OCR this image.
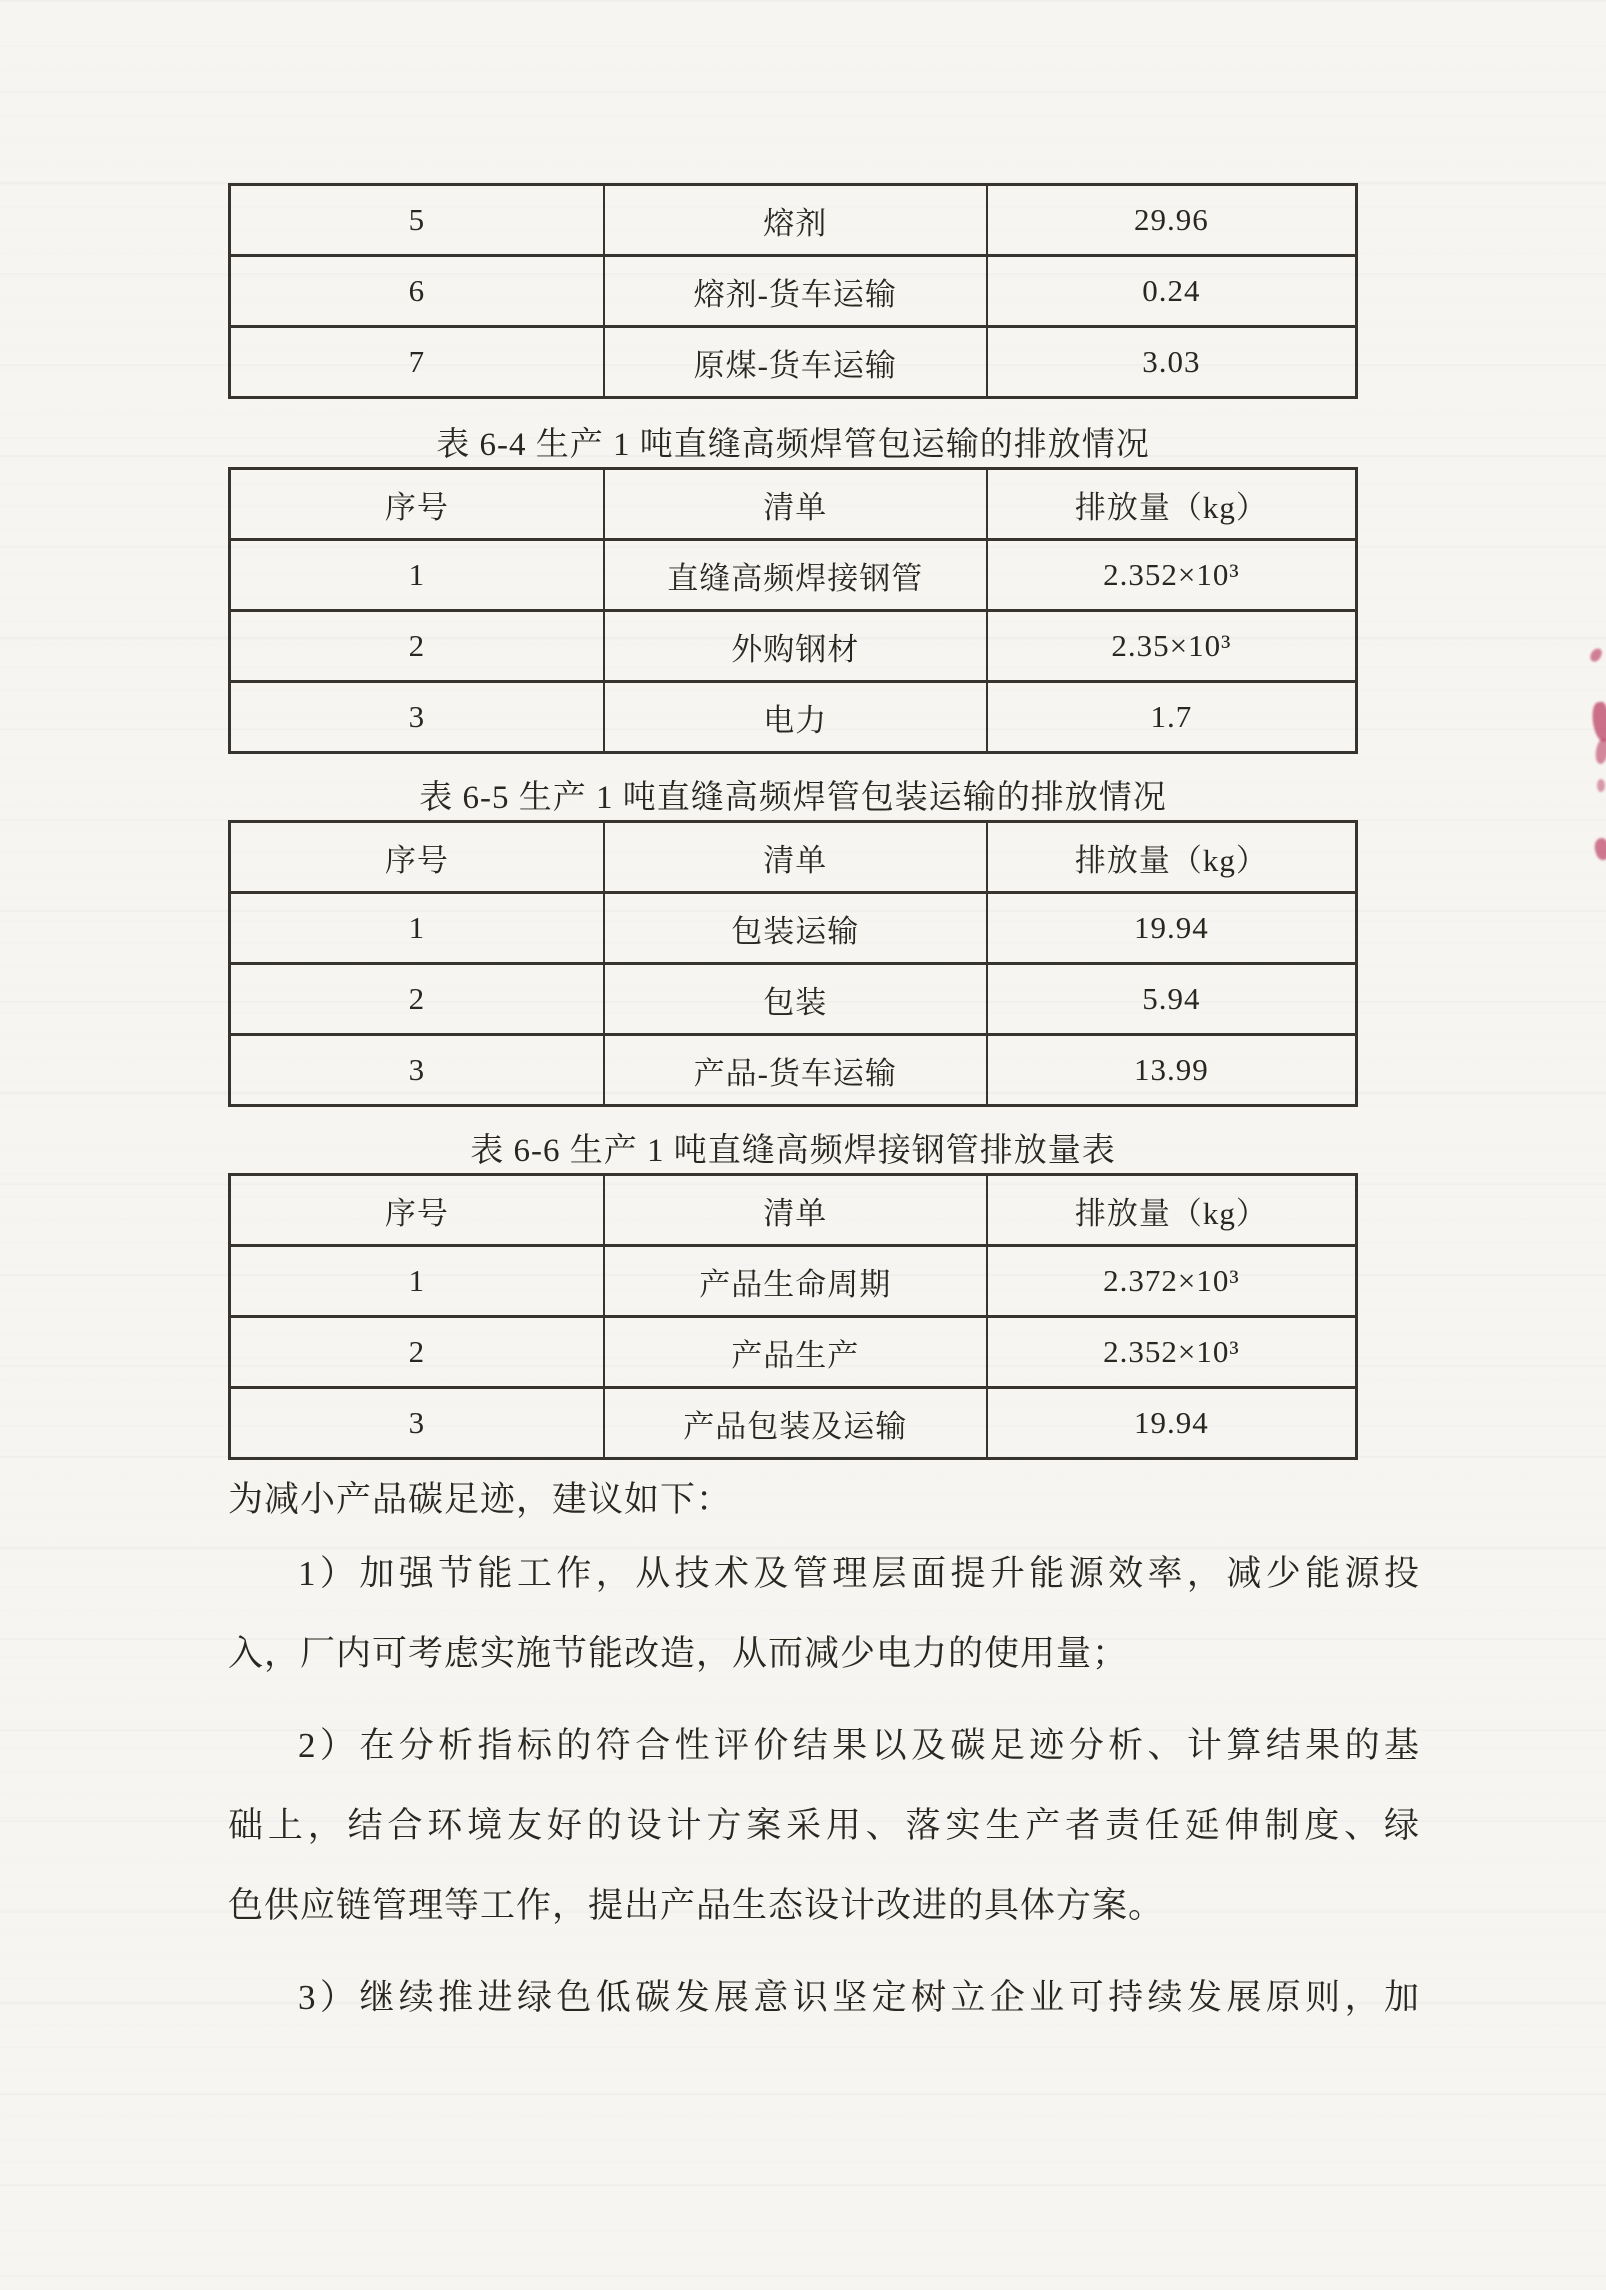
5	熔剂	29.96
6	熔剂-货车运输	0.24
7	原煤-货车运输	3.03
表 6-4 生产 1 吨直缝高频焊管包运输的排放情况
序号	清单	排放量（kg）
1	直缝高频焊接钢管	2.352×10³
2	外购钢材	2.35×10³
3	电力	1.7
表 6-5 生产 1 吨直缝高频焊管包装运输的排放情况
序号	清单	排放量（kg）
1	包装运输	19.94
2	包装	5.94
3	产品-货车运输	13.99
表 6-6 生产 1 吨直缝高频焊接钢管排放量表
序号	清单	排放量（kg）
1	产品生命周期	2.372×10³
2	产品生产	2.352×10³
3	产品包装及运输	19.94

为减小产品碳足迹，建议如下：

1）加强节能工作，从技术及管理层面提升能源效率，减少能源投
入，厂内可考虑实施节能改造，从而减少电力的使用量；
2）在分析指标的符合性评价结果以及碳足迹分析、计算结果的基
础上，结合环境友好的设计方案采用、落实生产者责任延伸制度、绿
色供应链管理等工作，提出产品生态设计改进的具体方案。
3）继续推进绿色低碳发展意识坚定树立企业可持续发展原则，加
